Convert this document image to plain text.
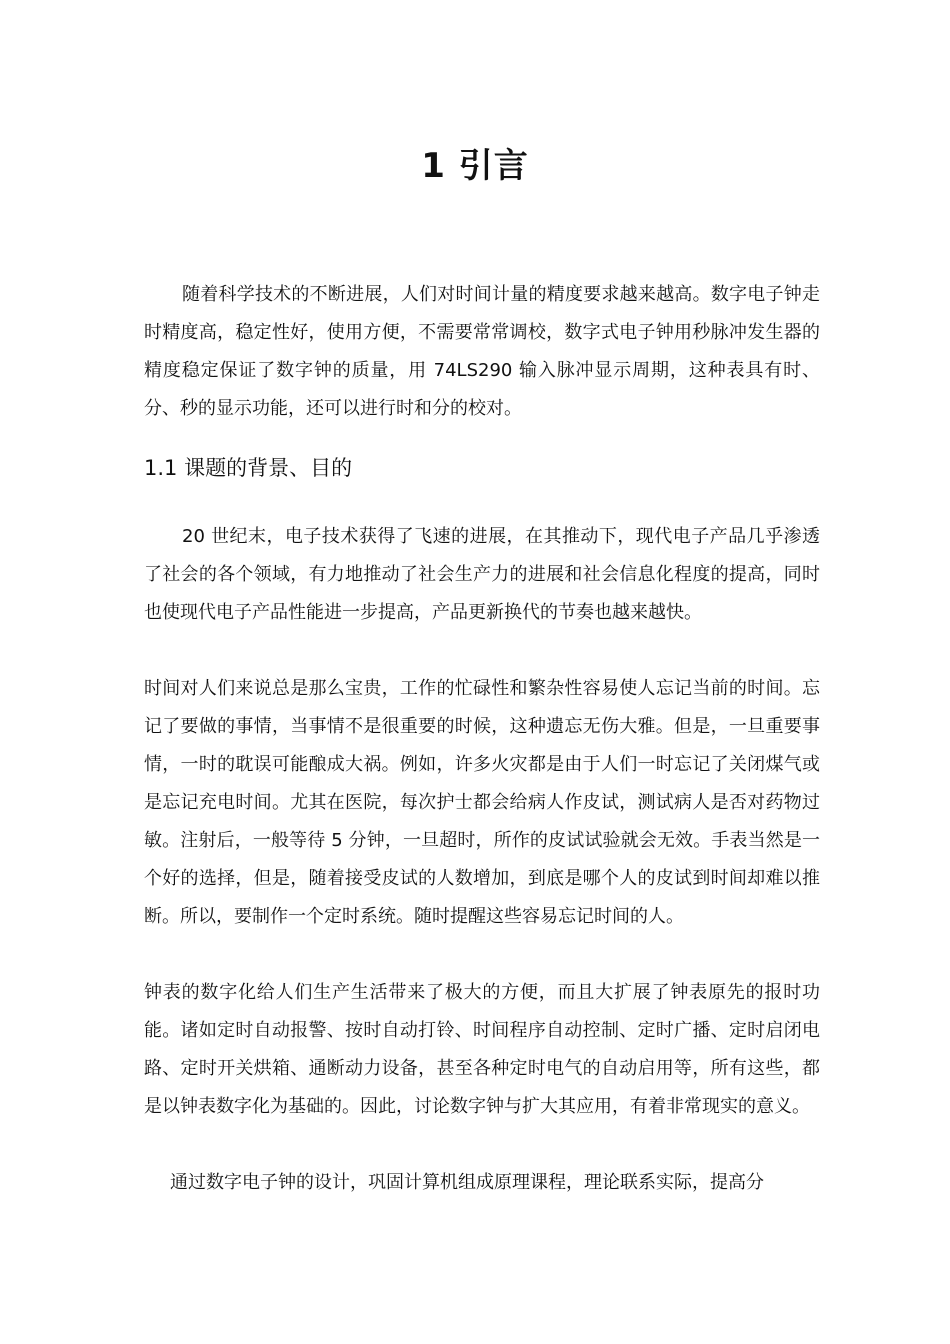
1 引言

随着科学技术的不断进展，人们对时间计量的精度要求越来越高。数字电子钟走时精度高，稳定性好，使用方便，不需要常常调校，数字式电子钟用秒脉冲发生器的精度稳定保证了数字钟的质量，用 74LS290 输入脉冲显示周期，这种表具有时、分、秒的显示功能，还可以进行时和分的校对。

1.1 课题的背景、目的

20 世纪末，电子技术获得了飞速的进展，在其推动下，现代电子产品几乎渗透了社会的各个领域，有力地推动了社会生产力的进展和社会信息化程度的提高，同时也使现代电子产品性能进一步提高，产品更新换代的节奏也越来越快。

时间对人们来说总是那么宝贵，工作的忙碌性和繁杂性容易使人忘记当前的时间。忘记了要做的事情，当事情不是很重要的时候，这种遗忘无伤大雅。但是，一旦重要事情，一时的耽误可能酿成大祸。例如，许多火灾都是由于人们一时忘记了关闭煤气或是忘记充电时间。尤其在医院，每次护士都会给病人作皮试，测试病人是否对药物过敏。注射后，一般等待 5 分钟，一旦超时，所作的皮试试验就会无效。手表当然是一个好的选择，但是，随着接受皮试的人数增加，到底是哪个人的皮试到时间却难以推断。所以，要制作一个定时系统。随时提醒这些容易忘记时间的人。

钟表的数字化给人们生产生活带来了极大的方便，而且大扩展了钟表原先的报时功能。诸如定时自动报警、按时自动打铃、时间程序自动控制、定时广播、定时启闭电路、定时开关烘箱、通断动力设备，甚至各种定时电气的自动启用等，所有这些，都是以钟表数字化为基础的。因此，讨论数字钟与扩大其应用，有着非常现实的意义。

通过数字电子钟的设计，巩固计算机组成原理课程，理论联系实际，提高分
